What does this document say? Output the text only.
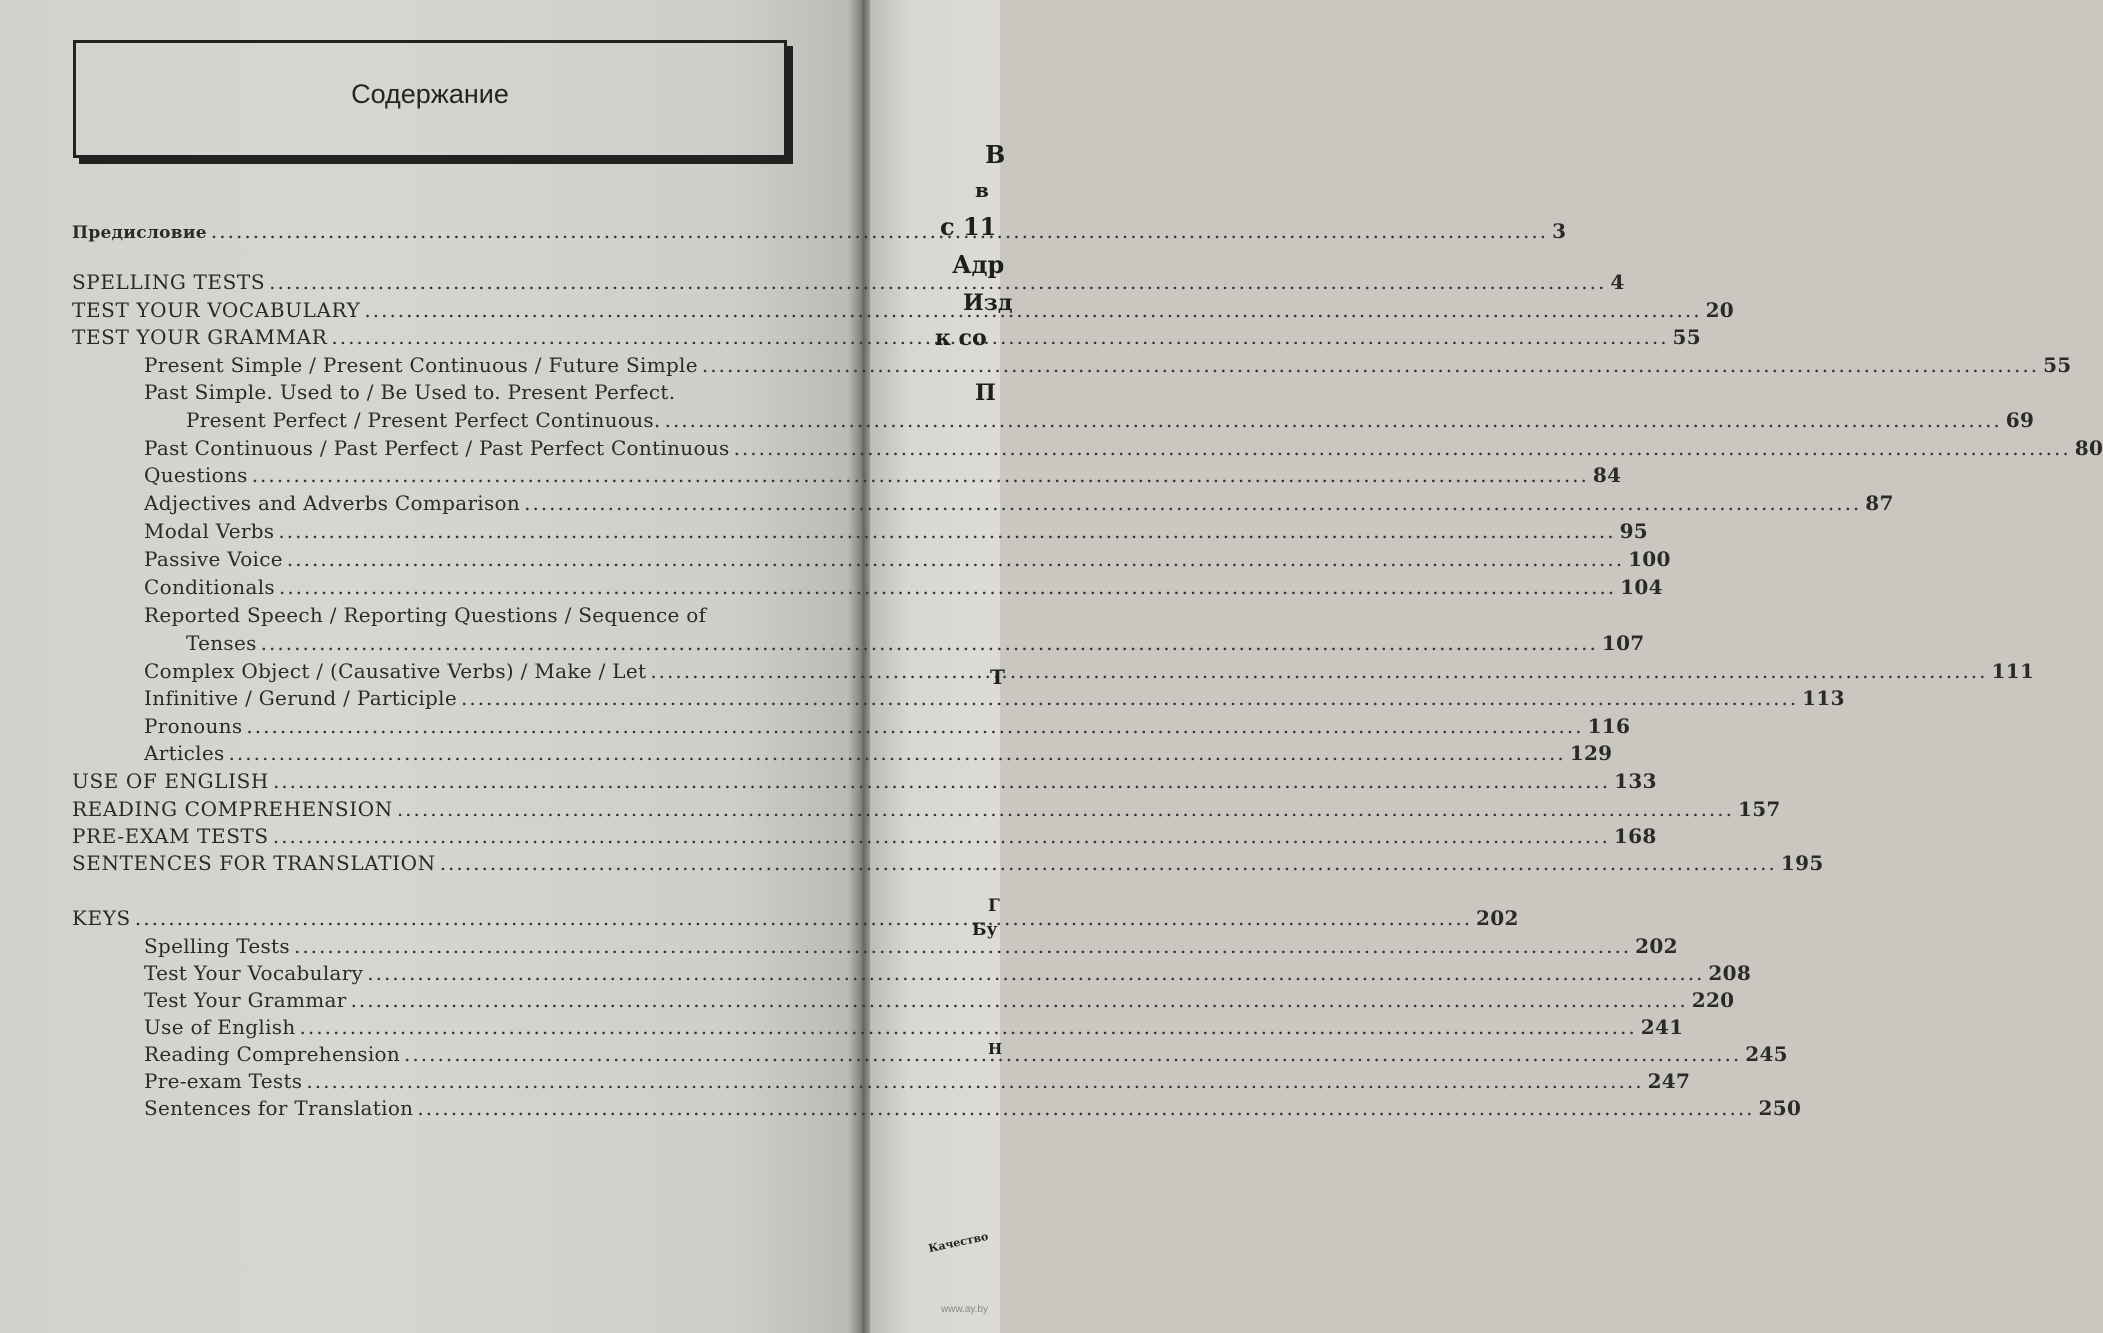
Содержание
Предисловие .....	3
SPELLING TESTS .....	4
TEST YOUR VOCABULARY .....	20
TEST YOUR GRAMMAR .....	55
Present Simple / Present Continuous / Future Simple .....	55
Past Simple. Used to / Be Used to. Present Perfect.
Present Perfect / Present Perfect Continuous. .....	69
Past Continuous / Past Perfect / Past Perfect Continuous .....	80
Questions .....	84
Adjectives and Adverbs Comparison .....	87
Modal Verbs .....	95
Passive Voice .....	100
Conditionals .....	104
Reported Speech / Reporting Questions / Sequence of
Tenses .....	107
Complex Object / (Causative Verbs) / Make / Let .....	111
Infinitive / Gerund / Participle .....	113
Pronouns .....	116
Articles .....	129
USE OF ENGLISH .....	133
READING COMPREHENSION .....	157
PRE-EXAM TESTS .....	168
SENTENCES FOR TRANSLATION .....	195
KEYS .....	202
Spelling Tests .....	202
Test Your Vocabulary .....	208
Test Your Grammar .....	220
Use of English .....	241
Reading Comprehension .....	245
Pre-exam Tests .....	247
Sentences for Translation .....	250
В
в
с 11
Адр
Изд
к со
П
Т
Г
Бу
Н
Качество
www.ay.by
